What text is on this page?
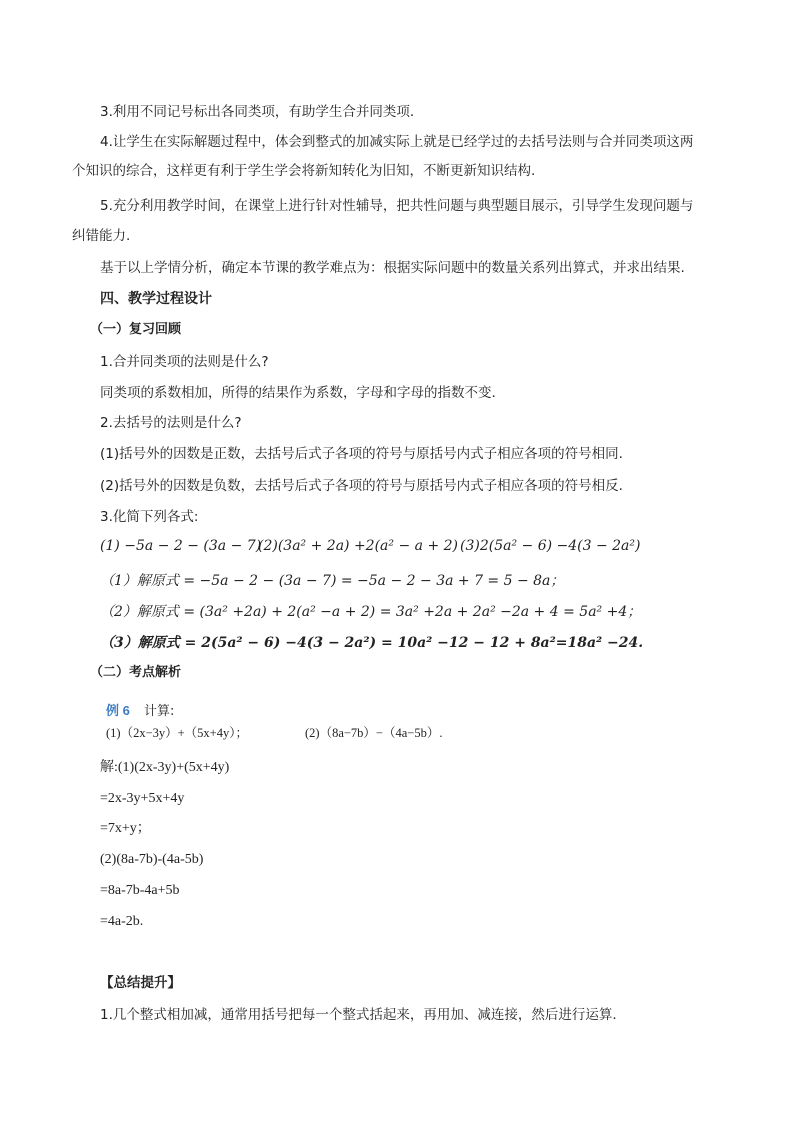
3.利用不同记号标出各同类项，有助学生合并同类项.
4.让学生在实际解题过程中，体会到整式的加减实际上就是已经学过的去括号法则与合并同类项这两
个知识的综合，这样更有利于学生学会将新知转化为旧知，不断更新知识结构.
5.充分利用教学时间，在课堂上进行针对性辅导，把共性问题与典型题目展示，引导学生发现问题与
纠错能力.
基于以上学情分析，确定本节课的教学难点为：根据实际问题中的数量关系列出算式，并求出结果.
四、教学过程设计
（一）复习回顾
1.合并同类项的法则是什么?
同类项的系数相加，所得的结果作为系数，字母和字母的指数不变.
2.去括号的法则是什么?
(1)括号外的因数是正数，去括号后式子各项的符号与原括号内式子相应各项的符号相同.
(2)括号外的因数是负数，去括号后式子各项的符号与原括号内式子相应各项的符号相反.
3.化简下列各式:
(1) −5a − 2 − (3a − 7)
(2)(3a² + 2a) +2(a² − a + 2) (3)2(5a² − 6) −4(3 − 2a²)
（1）解原式 = −5a − 2 − (3a − 7) = −5a − 2 − 3a + 7 = 5 − 8a；
（2）解原式 = (3a² +2a) + 2(a² −a + 2) = 3a² +2a + 2a² −2a + 4 = 5a² +4；
（3）解原式 = 2(5a² − 6) −4(3 − 2a²) = 10a² −12 − 12 + 8a²=18a² −24.
（二）考点解析
例 6 计算:
(1)（2x−3y）+（5x+4y）；	(2)（8a−7b）−（4a−5b）.
解:(1)(2x-3y)+(5x+4y)
=2x-3y+5x+4y
=7x+y；
(2)(8a-7b)-(4a-5b)
=8a-7b-4a+5b
=4a-2b.
【总结提升】
1.几个整式相加减，通常用括号把每一个整式括起来，再用加、减连接，然后进行运算.
